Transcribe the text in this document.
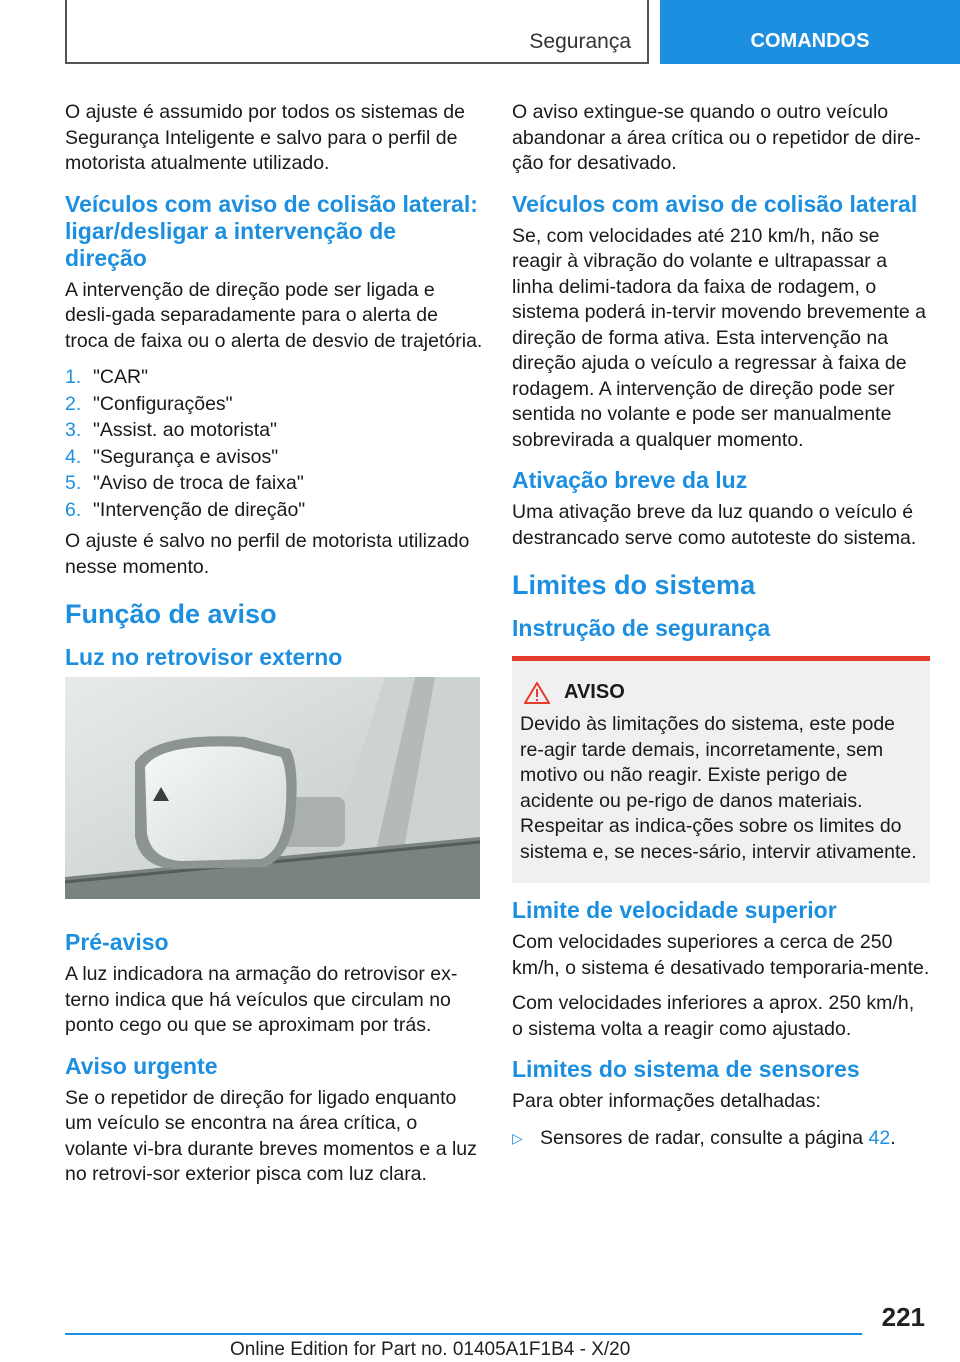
Segurança	COMANDOS

O ajuste é assumido por todos os sistemas de Segurança Inteligente e salvo para o perfil de motorista atualmente utilizado.

Veículos com aviso de colisão lateral: ligar/desligar a intervenção de direção

A intervenção de direção pode ser ligada e desli‐gada separadamente para o alerta de troca de faixa ou o alerta de desvio de trajetória.

1. "CAR"
2. "Configurações"
3. "Assist. ao motorista"
4. "Segurança e avisos"
5. "Aviso de troca de faixa"
6. "Intervenção de direção"

O ajuste é salvo no perfil de motorista utilizado nesse momento.

Função de aviso
Luz no retrovisor externo
Pré-aviso

A luz indicadora na armação do retrovisor ex‐terno indica que há veículos que circulam no ponto cego ou que se aproximam por trás.

Aviso urgente

Se o repetidor de direção for ligado enquanto um veículo se encontra na área crítica, o volante vi‐bra durante breves momentos e a luz no retrovi‐sor exterior pisca com luz clara.

O aviso extingue-se quando o outro veículo abandonar a área crítica ou o repetidor de dire‐ção for desativado.

Veículos com aviso de colisão lateral

Se, com velocidades até 210 km/h, não se reagir à vibração do volante e ultrapassar a linha delimi‐tadora da faixa de rodagem, o sistema poderá in‐tervir movendo brevemente a direção de forma ativa. Esta intervenção na direção ajuda o veículo a regressar à faixa de rodagem. A intervenção de direção pode ser sentida no volante e pode ser manualmente sobrevirada a qualquer momento.

Ativação breve da luz

Uma ativação breve da luz quando o veículo é destrancado serve como autoteste do sistema.

Limites do sistema
Instrução de segurança
AVISO

Devido às limitações do sistema, este pode re‐agir tarde demais, incorretamente, sem motivo ou não reagir. Existe perigo de acidente ou pe‐rigo de danos materiais. Respeitar as indica‐ções sobre os limites do sistema e, se neces‐sário, intervir ativamente.

Limite de velocidade superior

Com velocidades superiores a cerca de 250 km/h, o sistema é desativado temporaria‐mente.

Com velocidades inferiores a aprox. 250 km/h, o sistema volta a reagir como ajustado.

Limites do sistema de sensores

Para obter informações detalhadas:

▷ Sensores de radar, consulte a página 42.
221
Online Edition for Part no. 01405A1F1B4 - X/20
